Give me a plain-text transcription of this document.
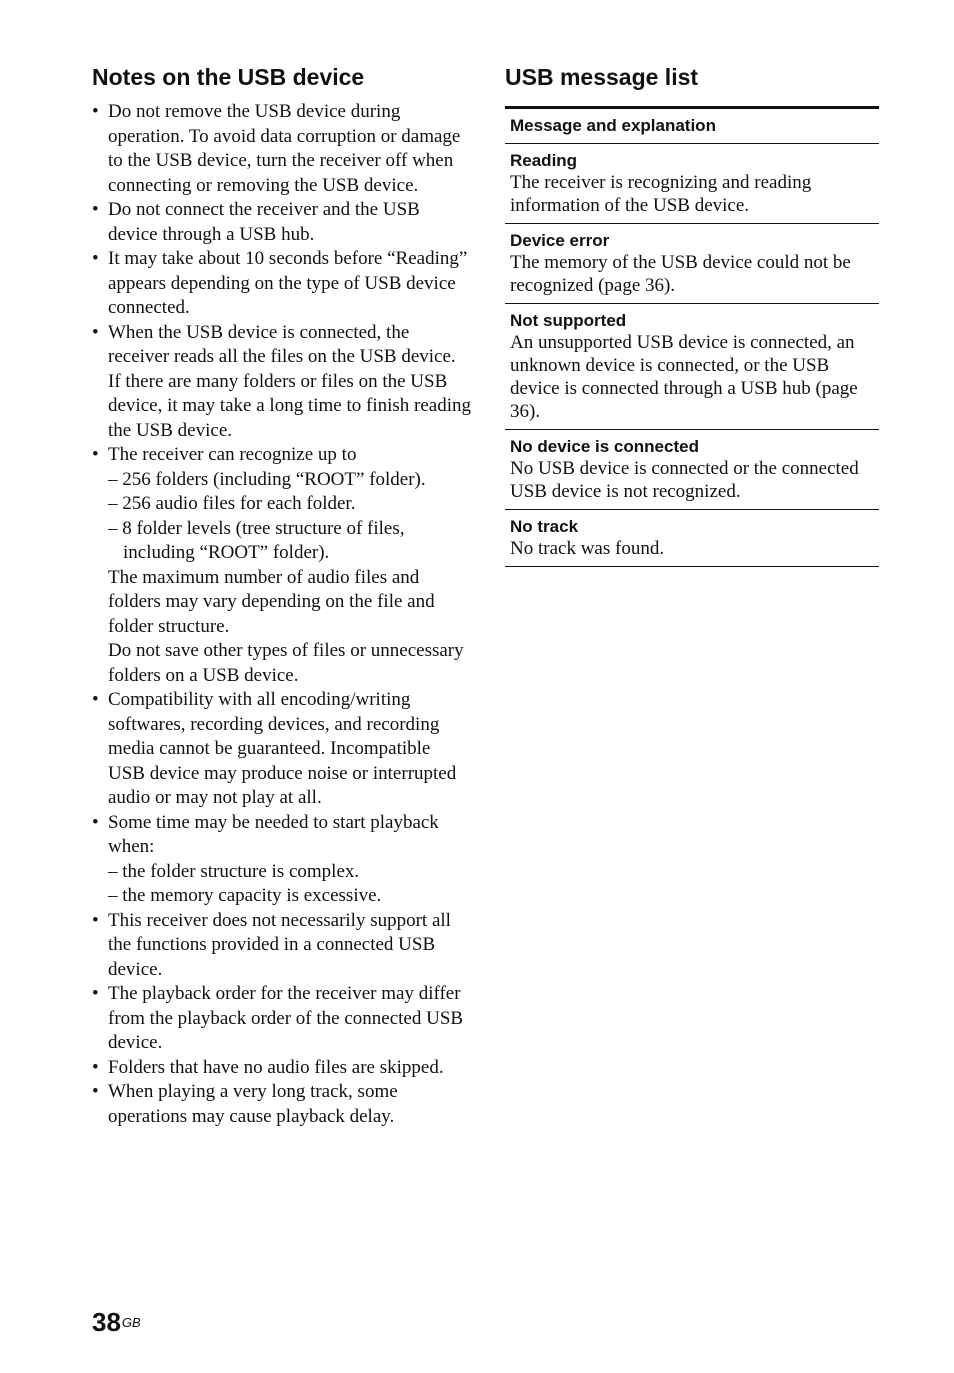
Notes on the USB device
• Do not remove the USB device during operation. To avoid data corruption or damage to the USB device, turn the receiver off when connecting or removing the USB device.
• Do not connect the receiver and the USB device through a USB hub.
• It may take about 10 seconds before “Reading” appears depending on the type of USB device connected.
• When the USB device is connected, the receiver reads all the files on the USB device. If there are many folders or files on the USB device, it may take a long time to finish reading the USB device.
• The receiver can recognize up to
– 256 folders (including “ROOT” folder).
– 256 audio files for each folder.
– 8 folder levels (tree structure of files, including “ROOT” folder).
The maximum number of audio files and folders may vary depending on the file and folder structure.
Do not save other types of files or unnecessary folders on a USB device.
• Compatibility with all encoding/writing softwares, recording devices, and recording media cannot be guaranteed. Incompatible USB device may produce noise or interrupted audio or may not play at all.
• Some time may be needed to start playback when:
– the folder structure is complex.
– the memory capacity is excessive.
• This receiver does not necessarily support all the functions provided in a connected USB device.
• The playback order for the receiver may differ from the playback order of the connected USB device.
• Folders that have no audio files are skipped.
• When playing a very long track, some operations may cause playback delay.
USB message list
Message and explanation
Reading
The receiver is recognizing and reading information of the USB device.
Device error
The memory of the USB device could not be recognized (page 36).
Not supported
An unsupported USB device is connected, an unknown device is connected, or the USB device is connected through a USB hub (page 36).
No device is connected
No USB device is connected or the connected USB device is not recognized.
No track
No track was found.
$38^{GB}$
